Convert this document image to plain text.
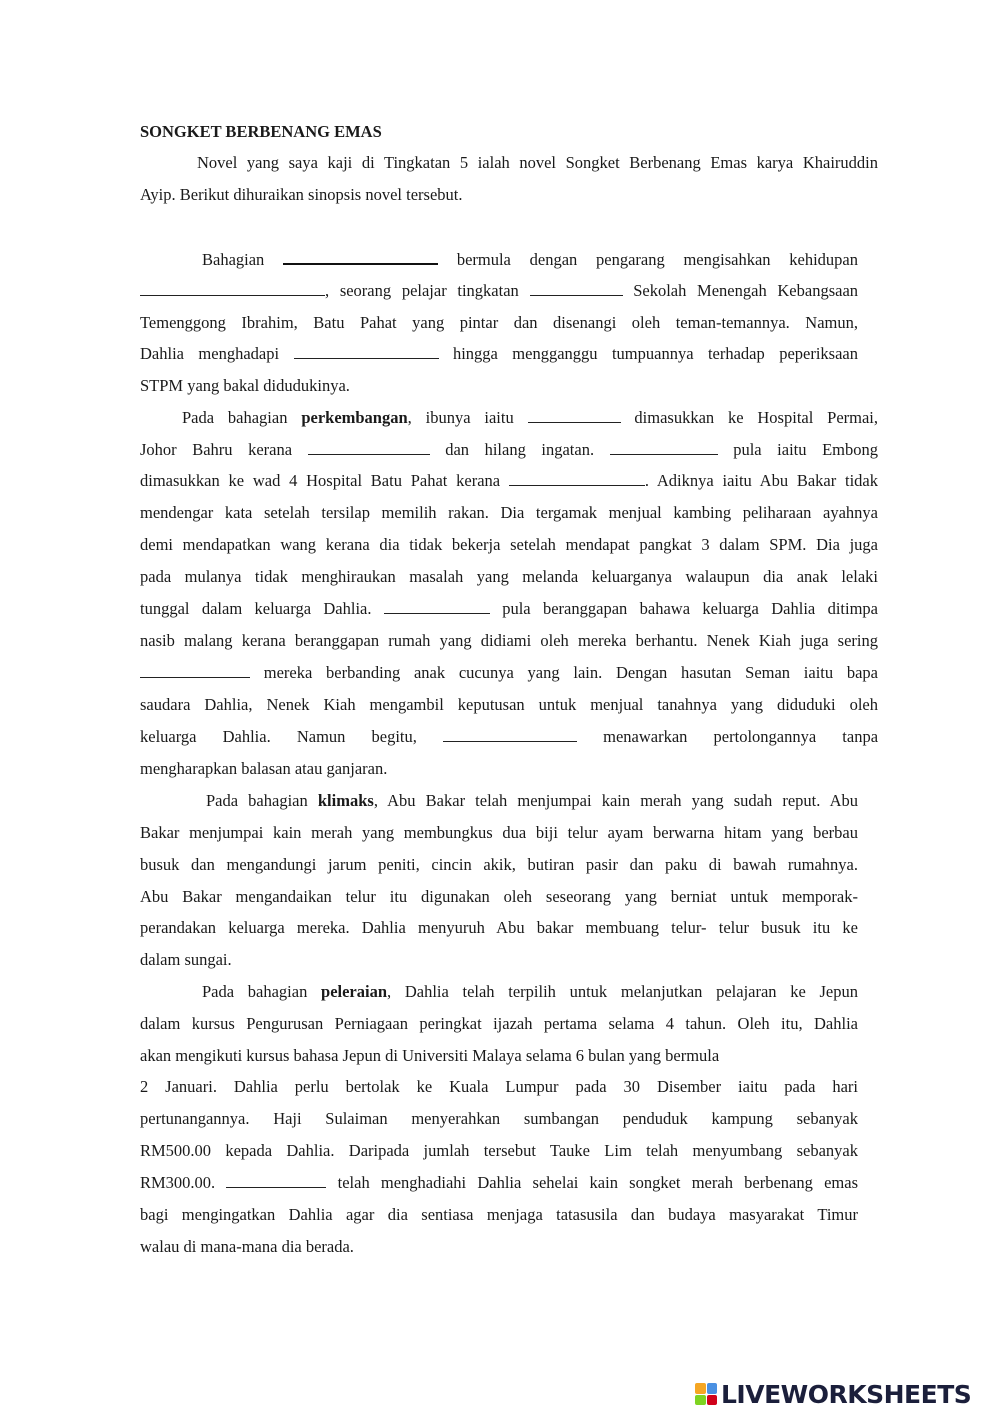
SONGKET BERBENANG EMAS
Novel yang saya kaji di Tingkatan 5 ialah novel Songket Berbenang Emas karya Khairuddin
Ayip. Berikut dihuraikan sinopsis novel tersebut.
Bahagian	bermula dengan pengarang mengisahkan kehidupan
, seorang pelajar tingkatan	Sekolah Menengah Kebangsaan
Temenggong Ibrahim, Batu Pahat yang pintar dan disenangi oleh teman-temannya. Namun,
Dahlia menghadapi	hingga mengganggu tumpuannya terhadap peperiksaan
STPM yang bakal didudukinya.
Pada bahagian perkembangan, ibunya iaitu	dimasukkan ke Hospital Permai,
Johor Bahru kerana	dan hilang ingatan.	pula iaitu Embong
dimasukkan ke wad 4 Hospital Batu Pahat kerana	. Adiknya iaitu Abu Bakar tidak
mendengar kata setelah tersilap memilih rakan. Dia tergamak menjual kambing peliharaan ayahnya
demi mendapatkan wang kerana dia tidak bekerja setelah mendapat pangkat 3 dalam SPM. Dia juga
pada mulanya tidak menghiraukan masalah yang melanda keluarganya walaupun dia anak lelaki
tunggal dalam keluarga Dahlia.	pula beranggapan bahawa keluarga Dahlia ditimpa
nasib malang kerana beranggapan rumah yang didiami oleh mereka berhantu. Nenek Kiah juga sering
mereka berbanding anak cucunya yang lain. Dengan hasutan Seman iaitu bapa
saudara Dahlia, Nenek Kiah mengambil keputusan untuk menjual tanahnya yang diduduki oleh
keluarga Dahlia. Namun begitu,	menawarkan pertolongannya tanpa
mengharapkan balasan atau ganjaran.
Pada bahagian klimaks, Abu Bakar telah menjumpai kain merah yang sudah reput. Abu
Bakar menjumpai kain merah yang membungkus dua biji telur ayam berwarna hitam yang berbau
busuk dan mengandungi jarum peniti, cincin akik, butiran pasir dan paku di bawah rumahnya.
Abu Bakar mengandaikan telur itu digunakan oleh seseorang yang berniat untuk memporak-
perandakan keluarga mereka. Dahlia menyuruh Abu bakar membuang telur- telur busuk itu ke
dalam sungai.
Pada bahagian peleraian, Dahlia telah terpilih untuk melanjutkan pelajaran ke Jepun
dalam kursus Pengurusan Perniagaan peringkat ijazah pertama selama 4 tahun. Oleh itu, Dahlia
akan mengikuti kursus bahasa Jepun di Universiti Malaya selama 6 bulan yang bermula
2 Januari. Dahlia perlu bertolak ke Kuala Lumpur pada 30 Disember iaitu pada hari
pertunangannya. Haji Sulaiman menyerahkan sumbangan penduduk kampung sebanyak
RM500.00 kepada Dahlia. Daripada jumlah tersebut Tauke Lim telah menyumbang sebanyak
RM300.00.	telah menghadiahi Dahlia sehelai kain songket merah berbenang emas
bagi mengingatkan Dahlia agar dia sentiasa menjaga tatasusila dan budaya masyarakat Timur
walau di mana-mana dia berada.
LIVEWORKSHEETS
